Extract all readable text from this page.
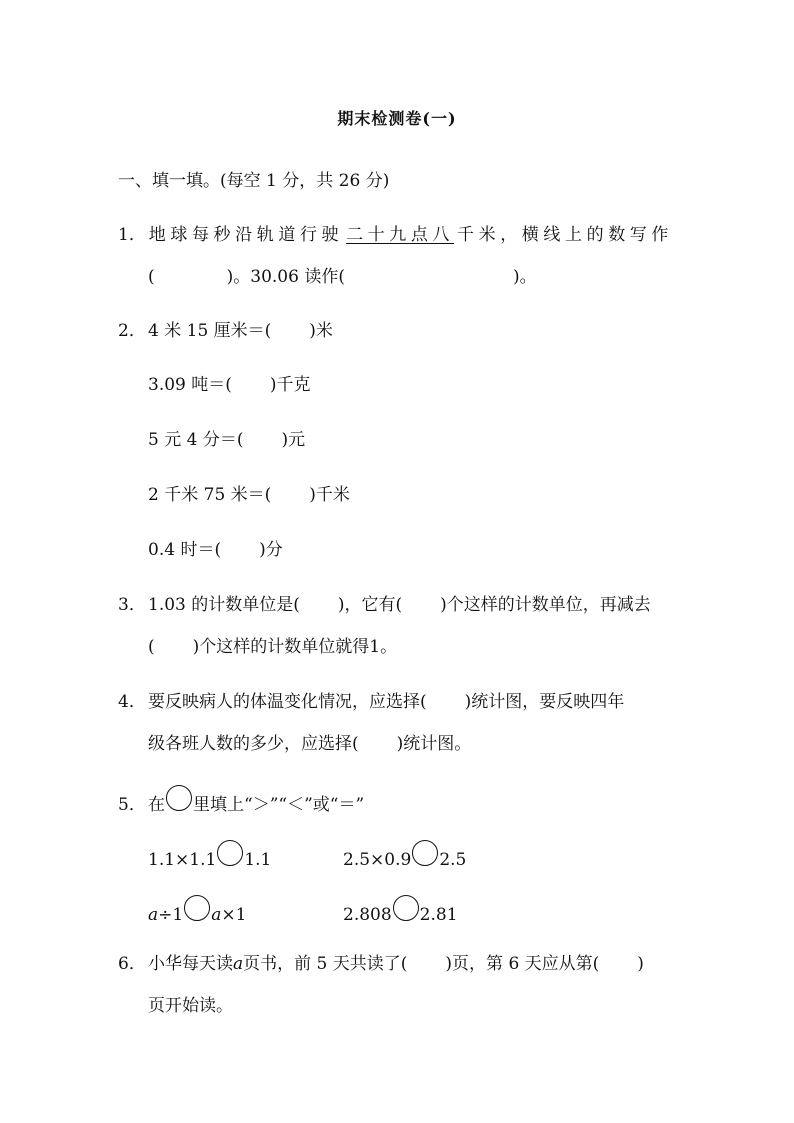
期末检测卷(一)
一、填一填。(每空 1 分，共 26 分)
1． 地球每秒沿轨道行驶 二十九点八 千米，横线上的数写作
(	)。30.06 读作(	)。
2． 4 米 15 厘米＝( )米
3.09 吨＝( )千克
5 元 4 分＝( )元
2 千米 75 米＝( )千米
0.4 时＝( )分
3． 1.03 的计数单位是( )，它有( )个这样的计数单位，再减去
( )个这样的计数单位就得1。
4． 要反映病人的体温变化情况，应选择( )统计图，要反映四年
级各班人数的多少，应选择( )统计图。
5． 在 里填上“＞”“＜”或“＝”
1.1×1.1 1.1	2.5×0.9 2.5
a ÷1 a ×1	2.808 2.81
6． 小华每天读 a 页书，前 5 天共读了( )页，第 6 天应从第( )
页开始读。
